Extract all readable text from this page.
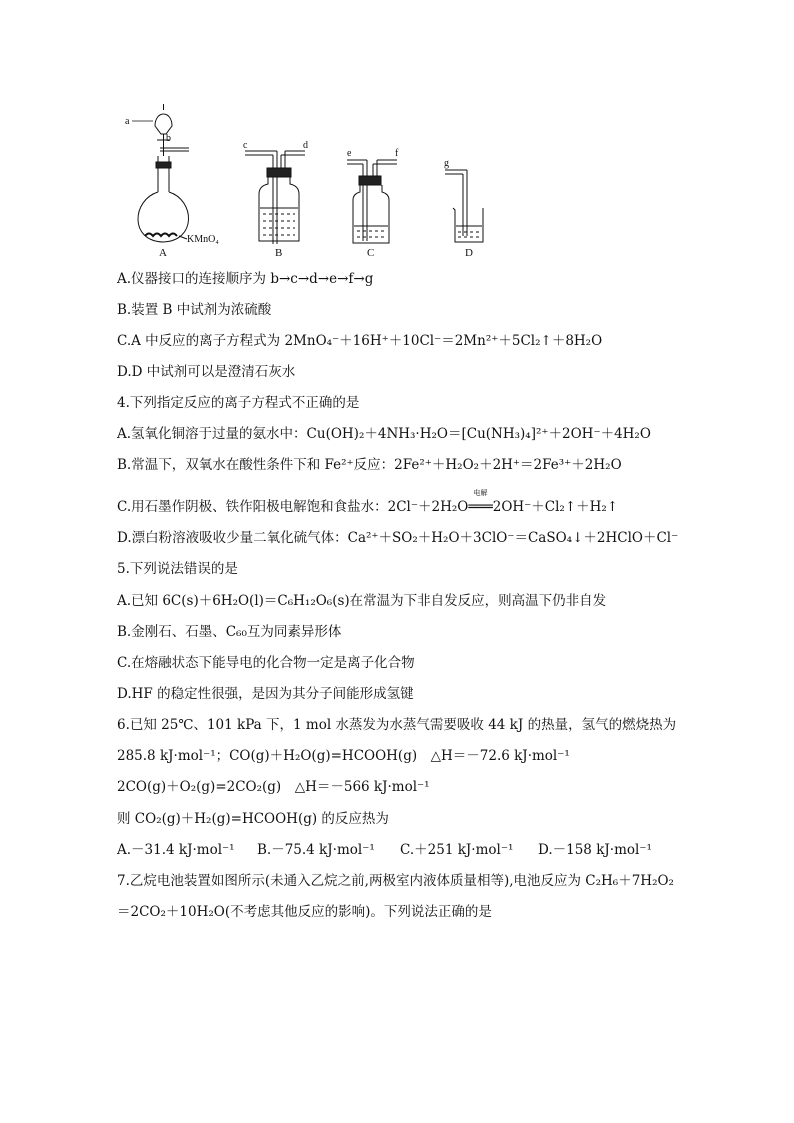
a
b
KMnO₄
c	d
e	f
g
A	B	C	D
A.仪器接口的连接顺序为 b→c→d→e→f→g
B.装置 B 中试剂为浓硫酸
C.A 中反应的离子方程式为 2MnO₄⁻＋16H⁺＋10Cl⁻＝2Mn²⁺＋5Cl₂↑＋8H₂O
D.D 中试剂可以是澄清石灰水
4.下列指定反应的离子方程式不正确的是
A.氢氧化铜溶于过量的氨水中：Cu(OH)₂＋4NH₃·H₂O＝[Cu(NH₃)₄]²⁺＋2OH⁻＋4H₂O
B.常温下，双氧水在酸性条件下和 Fe²⁺反应：2Fe²⁺＋H₂O₂＋2H⁺＝2Fe³⁺＋2H₂O
C.用石墨作阴极、铁作阳极电解饱和食盐水：2Cl⁻＋2H₂O
电解
═══2OH⁻＋Cl₂↑＋H₂↑
D.漂白粉溶液吸收少量二氧化硫气体：Ca²⁺＋SO₂＋H₂O＋3ClO⁻＝CaSO₄↓＋2HClO＋Cl⁻
5.下列说法错误的是
A.已知 6C(s)＋6H₂O(l)＝C₆H₁₂O₆(s)在常温为下非自发反应，则高温下仍非自发
B.金刚石、石墨、C₆₀互为同素异形体
C.在熔融状态下能导电的化合物一定是离子化合物
D.HF 的稳定性很强，是因为其分子间能形成氢键
6.已知 25℃、101 kPa 下，1 mol 水蒸发为水蒸气需要吸收 44 kJ 的热量，氢气的燃烧热为
285.8 kJ·mol⁻¹；CO(g)＋H₂O(g)=HCOOH(g)　△H＝－72.6 kJ·mol⁻¹
2CO(g)＋O₂(g)=2CO₂(g)　△H＝－566 kJ·mol⁻¹
则 CO₂(g)＋H₂(g)=HCOOH(g) 的反应热为
A.－31.4 kJ·mol⁻¹ B.－75.4 kJ·mol⁻¹ C.＋251 kJ·mol⁻¹ D.－158 kJ·mol⁻¹
7.乙烷电池装置如图所示(未通入乙烷之前,两极室内液体质量相等),电池反应为 C₂H₆＋7H₂O₂
＝2CO₂＋10H₂O(不考虑其他反应的影响)。下列说法正确的是
